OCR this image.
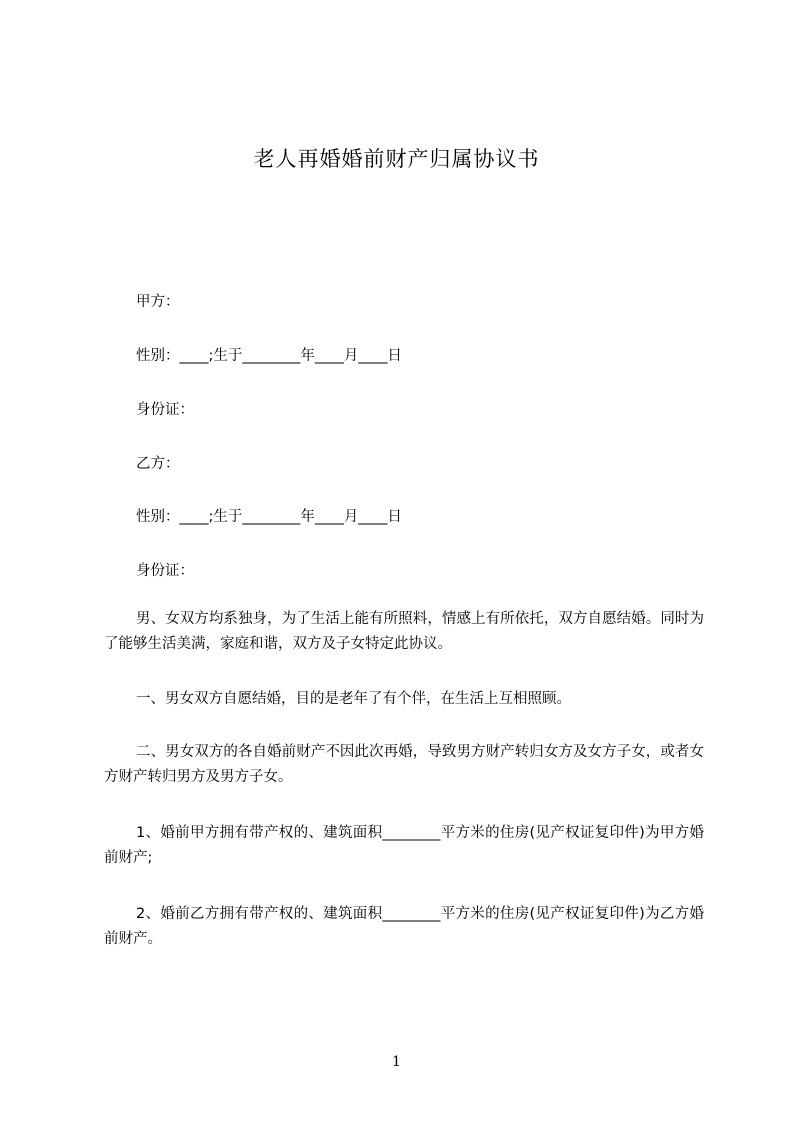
老人再婚婚前财产归属协议书
甲方：
性别：____;生于________年____月____日
身份证：
乙方：
性别：____;生于________年____月____日
身份证：
男、女双方均系独身，为了生活上能有所照料，情感上有所依托，双方自愿结婚。同时为了能够生活美满，家庭和谐，双方及子女特定此协议。
一、男女双方自愿结婚，目的是老年了有个伴，在生活上互相照顾。
二、男女双方的各自婚前财产不因此次再婚，导致男方财产转归女方及女方子女，或者女方财产转归男方及男方子女。
1、婚前甲方拥有带产权的、建筑面积________平方米的住房(见产权证复印件)为甲方婚前财产;
2、婚前乙方拥有带产权的、建筑面积________平方米的住房(见产权证复印件)为乙方婚前财产。
1
